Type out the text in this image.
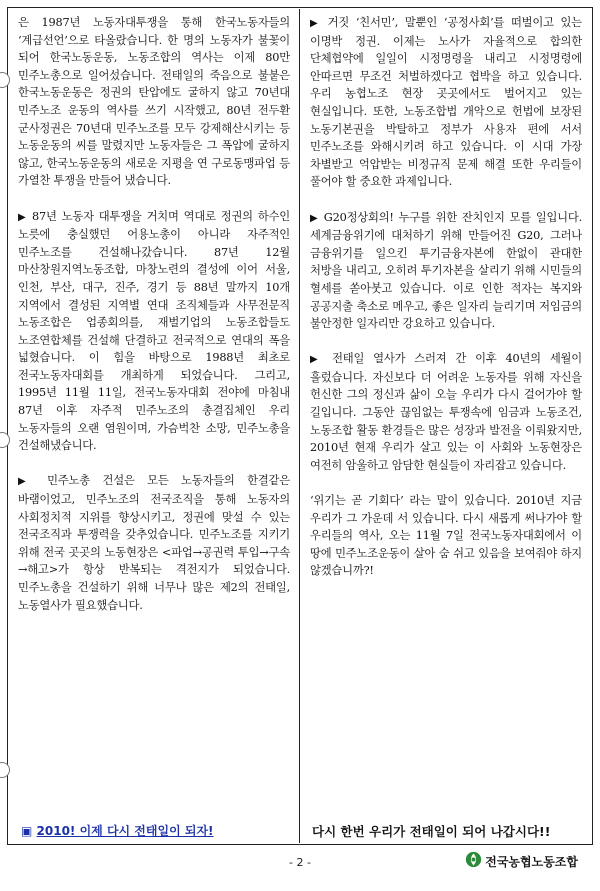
은 1987년 노동자대투쟁을 통해 한국노동자들의 ‘계급선언’으로 타올랐습니다. 한 명의 노동자가 불꽃이 되어 한국노동운동, 노동조합의 역사는 이제 80만 민주노총으로 일어섰습니다. 전태일의 죽음으로 불붙은 한국노동운동은 정권의 탄압에도 굴하지 않고 70년대 민주노조 운동의 역사를 쓰기 시작했고, 80년 전두환 군사정권은 70년대 민주노조를 모두 강제해산시키는 등 노동운동의 씨를 말렸지만 노동자들은 그 폭압에 굴하지 않고, 한국노동운동의 새로운 지평을 연 구로동맹파업 등 가열찬 투쟁을 만들어 냈습니다.

▶ 87년 노동자 대투쟁을 거치며 역대로 정권의 하수인 노릇에 충실했던 어용노총이 아니라 자주적인 민주노조를 건설해나갔습니다. 87년 12월 마산창원지역노동조합, 마창노련의 결성에 이어 서울, 인천, 부산, 대구, 진주, 경기 등 88년 말까지 10개 지역에서 결성된 지역별 연대 조직체들과 사무전문직 노동조합은 업종회의를, 재벌기업의 노동조합들도 노조연합체를 건설해 단결하고 전국적으로 연대의 폭을 넓혔습니다. 이 힘을 바탕으로 1988년 최초로 전국노동자대회를 개최하게 되었습니다. 그리고, 1995년 11월 11일, 전국노동자대회 전야에 마침내 87년 이후 자주적 민주노조의 총결집체인 우리 노동자들의 오랜 염원이며, 가슴벅찬 소망, 민주노총을 건설해냈습니다.

▶ 민주노총 건설은 모든 노동자들의 한결같은 바램이었고, 민주노조의 전국조직을 통해 노동자의 사회정치적 지위를 향상시키고, 정권에 맞설 수 있는 전국조직과 투쟁력을 갖추었습니다. 민주노조를 지키기 위해 전국 곳곳의 노동현장은 <파업→공권력 투입→구속→해고>가 항상 반복되는 격전지가 되었습니다. 민주노총을 건설하기 위해 너무나 많은 제2의 전태일, 노동열사가 필요했습니다.

▣ 2010! 이제 다시 전태일이 되자!

▶ 거짓 ‘친서민’, 말뿐인 ‘공정사회’를 떠벌이고 있는 이명박 정권. 이제는 노사가 자율적으로 합의한 단체협약에 일일이 시정명령을 내리고 시정명령에 안따르면 무조건 처벌하겠다고 협박을 하고 있습니다. 우리 농협노조 현장 곳곳에서도 벌어지고 있는 현실입니다. 또한, 노동조합법 개악으로 헌법에 보장된 노동기본권을 박탈하고 정부가 사용자 편에 서서 민주노조를 와해시키려 하고 있습니다. 이 시대 가장 차별받고 억압받는 비정규직 문제 해결 또한 우리들이 풀어야 할 중요한 과제입니다.

▶ G20정상회의! 누구를 위한 잔치인지 모를 일입니다. 세계금융위기에 대처하기 위해 만들어진 G20, 그러나 금융위기를 일으킨 투기금융자본에 한없이 관대한 처방을 내리고, 오히려 투기자본을 살리기 위해 시민들의 혈세를 쏟아붓고 있습니다. 이로 인한 적자는 복지와 공공지출 축소로 메우고, 좋은 일자리 늘리기며 저임금의 불안정한 일자리만 강요하고 있습니다.

▶ 전태일 열사가 스러져 간 이후 40년의 세월이 흘렀습니다. 자신보다 더 어려운 노동자를 위해 자신을 헌신한 그의 정신과 삶이 오늘 우리가 다시 걸어가야 할 길입니다. 그동안 끊임없는 투쟁속에 임금과 노동조건, 노동조합 활동 환경들은 많은 성장과 발전을 이뤄왔지만, 2010년 현재 우리가 살고 있는 이 사회와 노동현장은 여전히 암울하고 암담한 현실들이 자리잡고 있습니다.

‘위기는 곧 기회다’ 라는 말이 있습니다. 2010년 지금 우리가 그 가운데 서 있습니다. 다시 새롭게 써나가야 할 우리들의 역사, 오는 11월 7일 전국노동자대회에서 이 땅에 민주노조운동이 살아 숨 쉬고 있음을 보여줘야 하지 않겠습니까?!

다시 한번 우리가 전태일이 되어 나갑시다!!
- 2 -	전국농협노동조합
